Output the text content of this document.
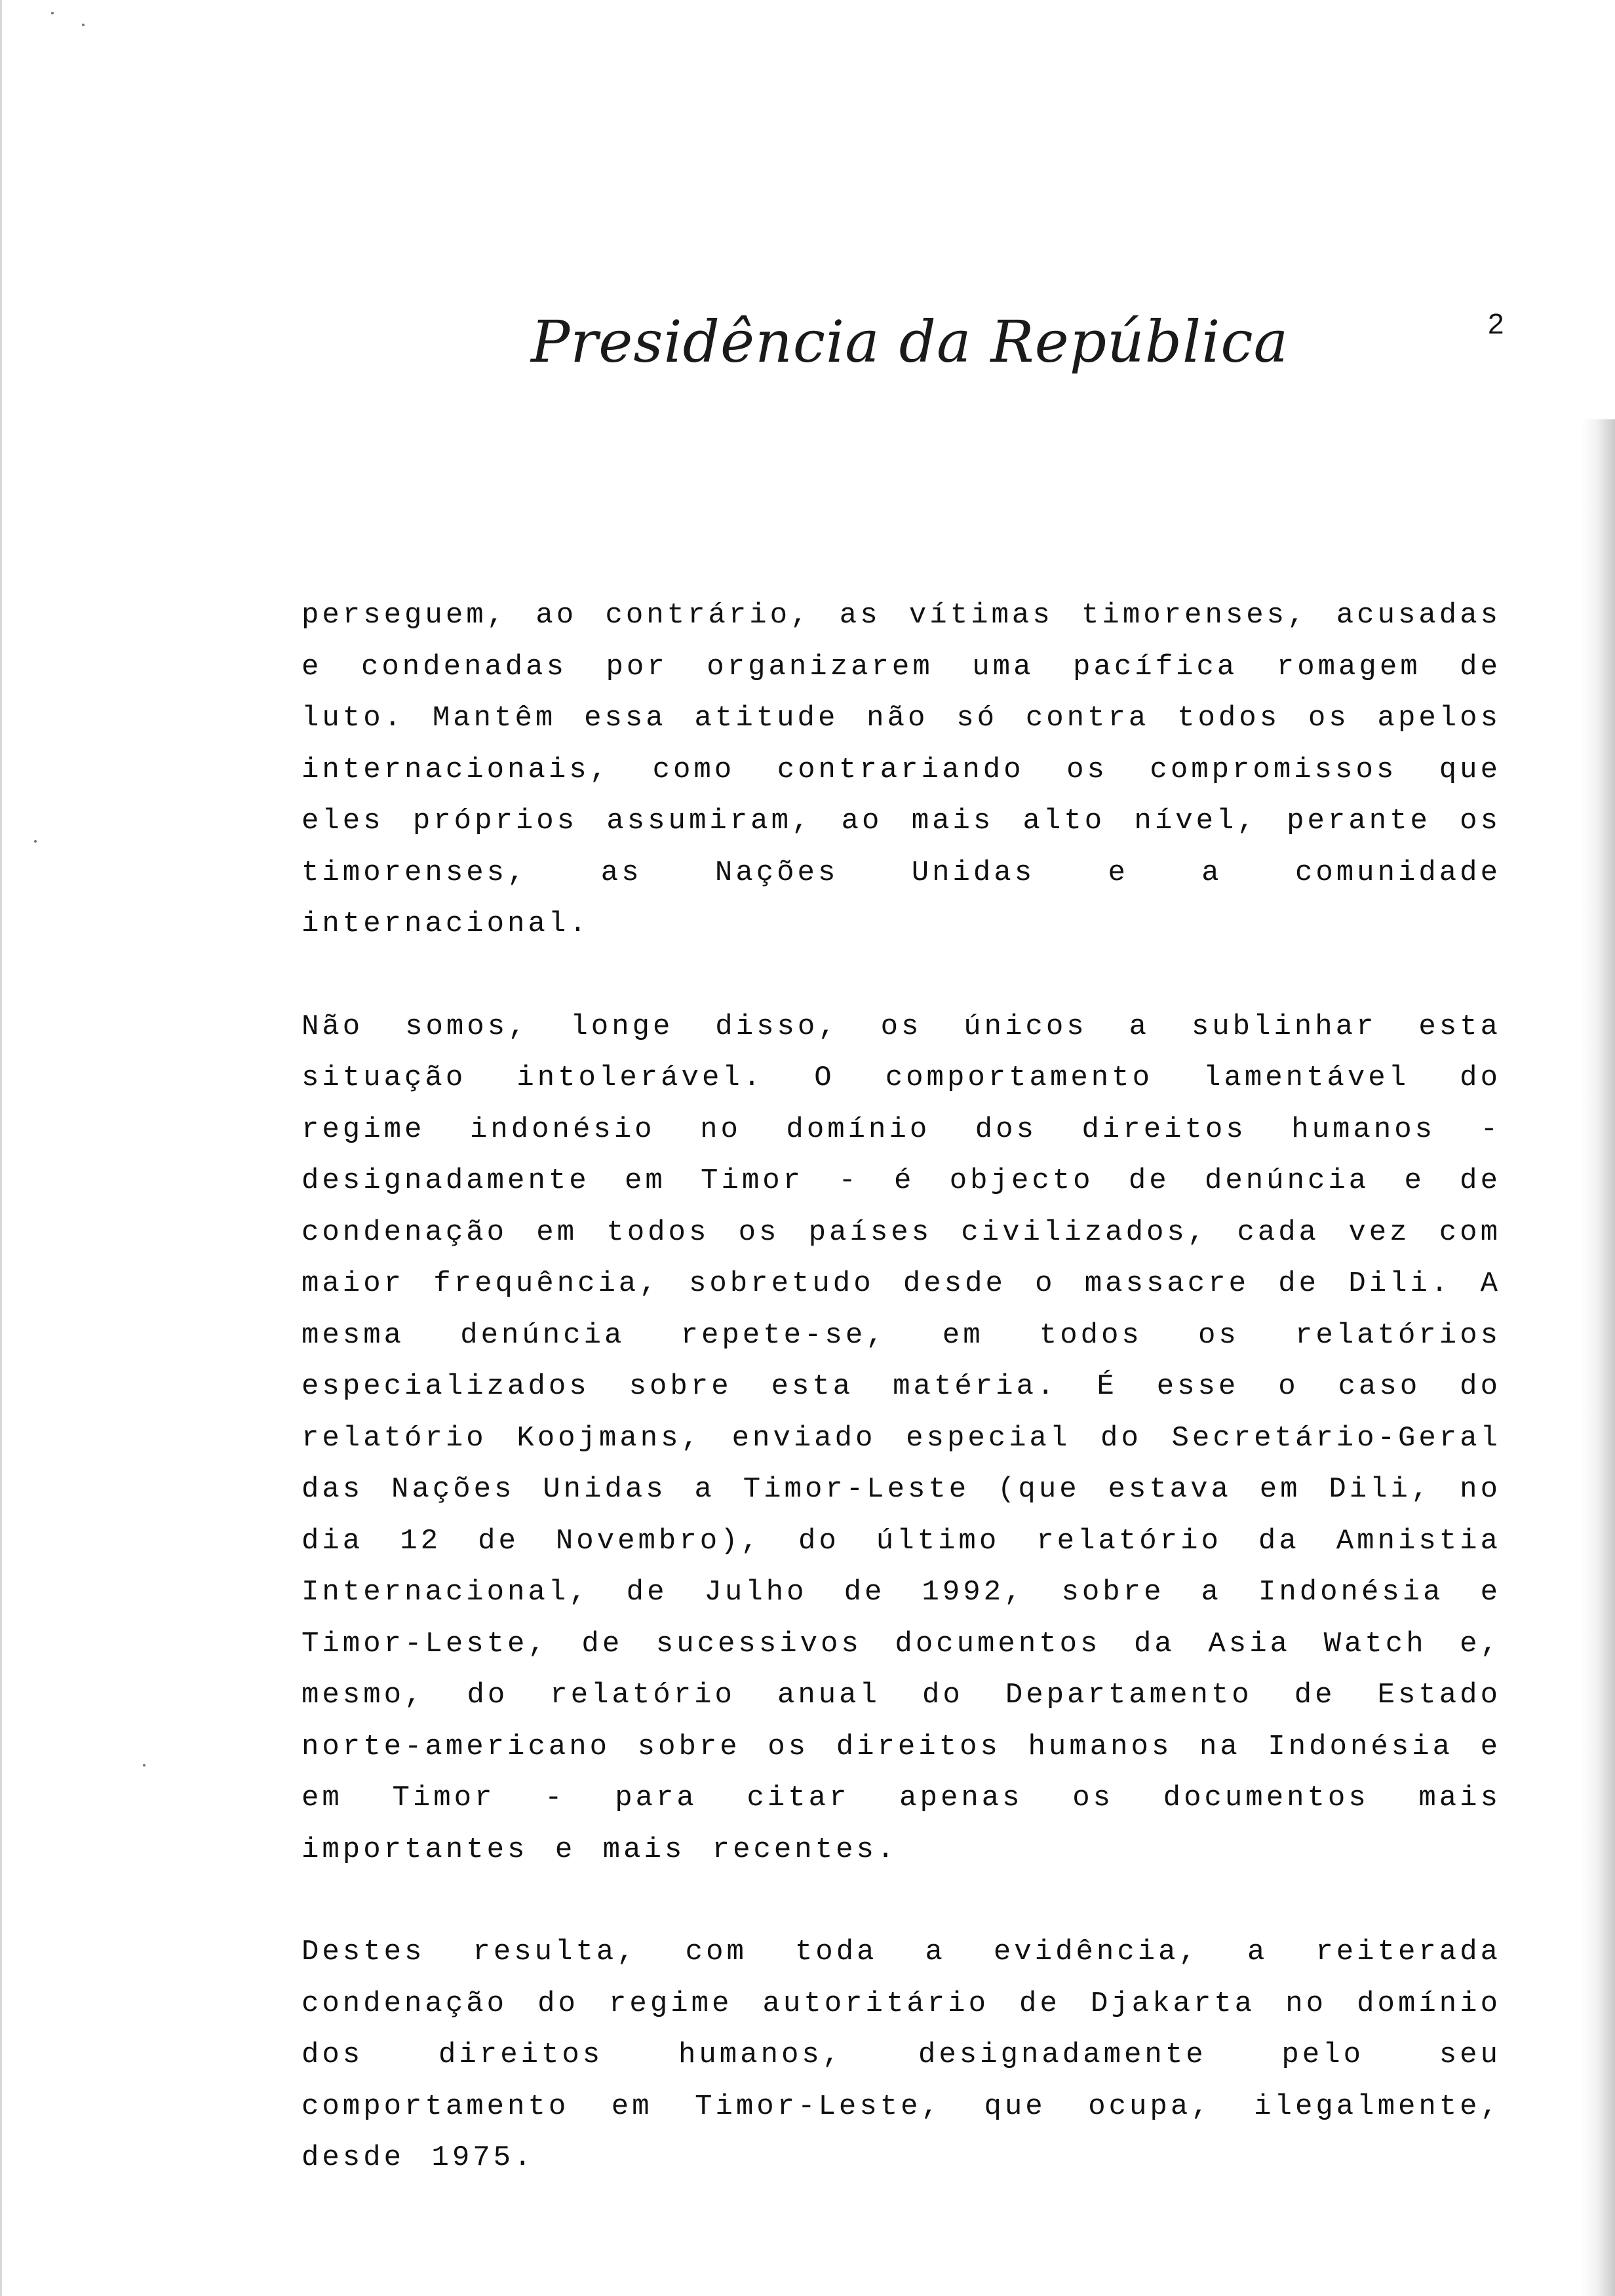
Presidência da República	2

perseguem, ao contrário, as vítimas timorenses, acusadas e condenadas por organizarem uma pacífica romagem de luto. Mantêm essa atitude não só contra todos os apelos internacionais, como contrariando os compromissos que eles próprios assumiram, ao mais alto nível, perante os timorenses, as Nações Unidas e a comunidade internacional.

Não somos, longe disso, os únicos a sublinhar esta situação intolerável. O comportamento lamentável do regime indonésio no domínio dos direitos humanos - designadamente em Timor - é objecto de denúncia e de condenação em todos os países civilizados, cada vez com maior frequência, sobretudo desde o massacre de Dili. A mesma denúncia repete-se, em todos os relatórios especializados sobre esta matéria. É esse o caso do relatório Koojmans, enviado especial do Secretário-Geral das Nações Unidas a Timor-Leste (que estava em Dili, no dia 12 de Novembro), do último relatório da Amnistia Internacional, de Julho de 1992, sobre a Indonésia e Timor-Leste, de sucessivos documentos da Asia Watch e, mesmo, do relatório anual do Departamento de Estado norte-americano sobre os direitos humanos na Indonésia e em Timor - para citar apenas os documentos mais importantes e mais recentes.

Destes resulta, com toda a evidência, a reiterada condenação do regime autoritário de Djakarta no domínio dos direitos humanos, designadamente pelo seu comportamento em Timor-Leste, que ocupa, ilegalmente, desde 1975.
